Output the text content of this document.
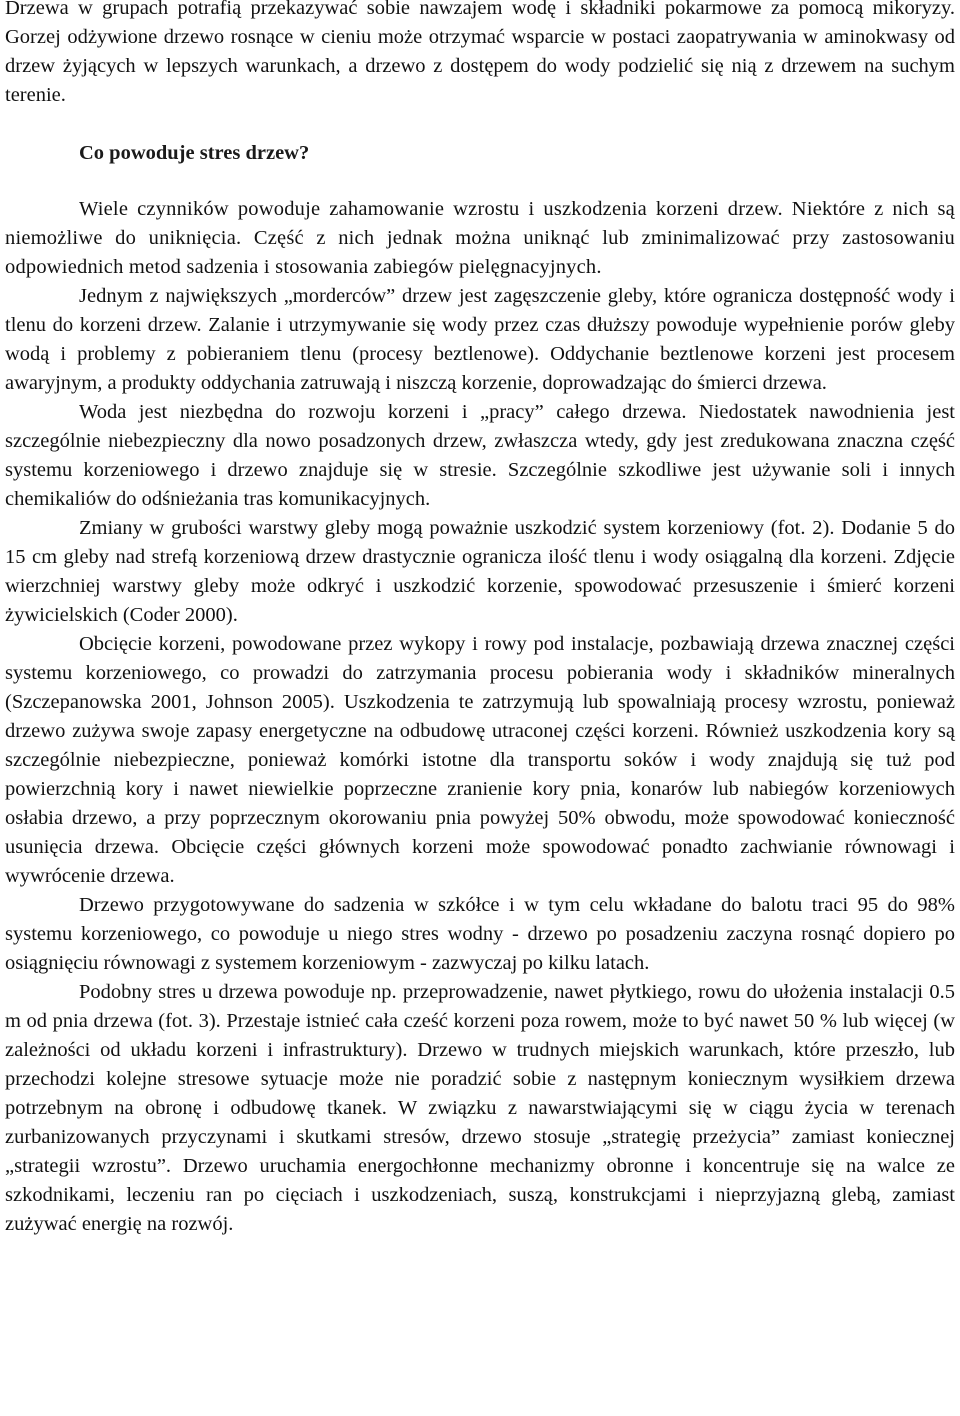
Drzewa w grupach potrafią przekazywać sobie nawzajem wodę i składniki pokarmowe za pomocą mikoryzy. Gorzej odżywione drzewo rosnące w cieniu może otrzymać wsparcie w postaci zaopatrywania w aminokwasy od drzew żyjących w lepszych warunkach, a drzewo z dostępem do wody podzielić się nią z drzewem na suchym terenie.

Co powoduje stres drzew?

Wiele czynników powoduje zahamowanie wzrostu i uszkodzenia korzeni drzew. Niektóre z nich są niemożliwe do uniknięcia. Część z nich jednak można uniknąć lub zminimalizować przy zastosowaniu odpowiednich metod sadzenia i stosowania zabiegów pielęgnacyjnych.

Jednym z największych „morderców” drzew jest zagęszczenie gleby, które ogranicza dostępność wody i tlenu do korzeni drzew. Zalanie i utrzymywanie się wody przez czas dłuższy powoduje wypełnienie porów gleby wodą i problemy z pobieraniem tlenu (procesy beztlenowe). Oddychanie beztlenowe korzeni jest procesem awaryjnym, a produkty oddychania zatruwają i niszczą korzenie, doprowadzając do śmierci drzewa.

Woda jest niezbędna do rozwoju korzeni i „pracy” całego drzewa. Niedostatek nawodnienia jest szczególnie niebezpieczny dla nowo posadzonych drzew, zwłaszcza wtedy, gdy jest zredukowana znaczna część systemu korzeniowego i drzewo znajduje się w stresie. Szczególnie szkodliwe jest używanie soli i innych chemikaliów do odśnieżania tras komunikacyjnych.

Zmiany w grubości warstwy gleby mogą poważnie uszkodzić system korzeniowy (fot. 2). Dodanie 5 do 15 cm gleby nad strefą korzeniową drzew drastycznie ogranicza ilość tlenu i wody osiągalną dla korzeni. Zdjęcie wierzchniej warstwy gleby może odkryć i uszkodzić korzenie, spowodować przesuszenie i śmierć korzeni żywicielskich (Coder 2000).

Obcięcie korzeni, powodowane przez wykopy i rowy pod instalacje, pozbawiają drzewa znacznej części systemu korzeniowego, co prowadzi do zatrzymania procesu pobierania wody i składników mineralnych (Szczepanowska 2001, Johnson 2005). Uszkodzenia te zatrzymują lub spowalniają procesy wzrostu, ponieważ drzewo zużywa swoje zapasy energetyczne na odbudowę utraconej części korzeni. Również uszkodzenia kory są szczególnie niebezpieczne, ponieważ komórki istotne dla transportu soków i wody znajdują się tuż pod powierzchnią kory i nawet niewielkie poprzeczne zranienie kory pnia, konarów lub nabiegów korzeniowych osłabia drzewo, a przy poprzecznym okorowaniu pnia powyżej 50% obwodu, może spowodować konieczność usunięcia drzewa. Obcięcie części głównych korzeni może spowodować ponadto zachwianie równowagi i wywrócenie drzewa.

Drzewo przygotowywane do sadzenia w szkółce i w tym celu wkładane do balotu traci 95 do 98% systemu korzeniowego, co powoduje u niego stres wodny - drzewo po posadzeniu zaczyna rosnąć dopiero po osiągnięciu równowagi z systemem korzeniowym - zazwyczaj po kilku latach.

Podobny stres u drzewa powoduje np. przeprowadzenie, nawet płytkiego, rowu do ułożenia instalacji 0.5 m od pnia drzewa (fot. 3). Przestaje istnieć cała cześć korzeni poza rowem, może to być nawet 50 % lub więcej (w zależności od układu korzeni i infrastruktury). Drzewo w trudnych miejskich warunkach, które przeszło, lub przechodzi kolejne stresowe sytuacje może nie poradzić sobie z następnym koniecznym wysiłkiem drzewa potrzebnym na obronę i odbudowę tkanek. W związku z nawarstwiającymi się w ciągu życia w terenach zurbanizowanych przyczynami i skutkami stresów, drzewo stosuje „strategię przeżycia” zamiast koniecznej „strategii wzrostu”. Drzewo uruchamia energochłonne mechanizmy obronne i koncentruje się na walce ze szkodnikami, leczeniu ran po cięciach i uszkodzeniach, suszą, konstrukcjami i nieprzyjazną glebą, zamiast zużywać energię na rozwój.
